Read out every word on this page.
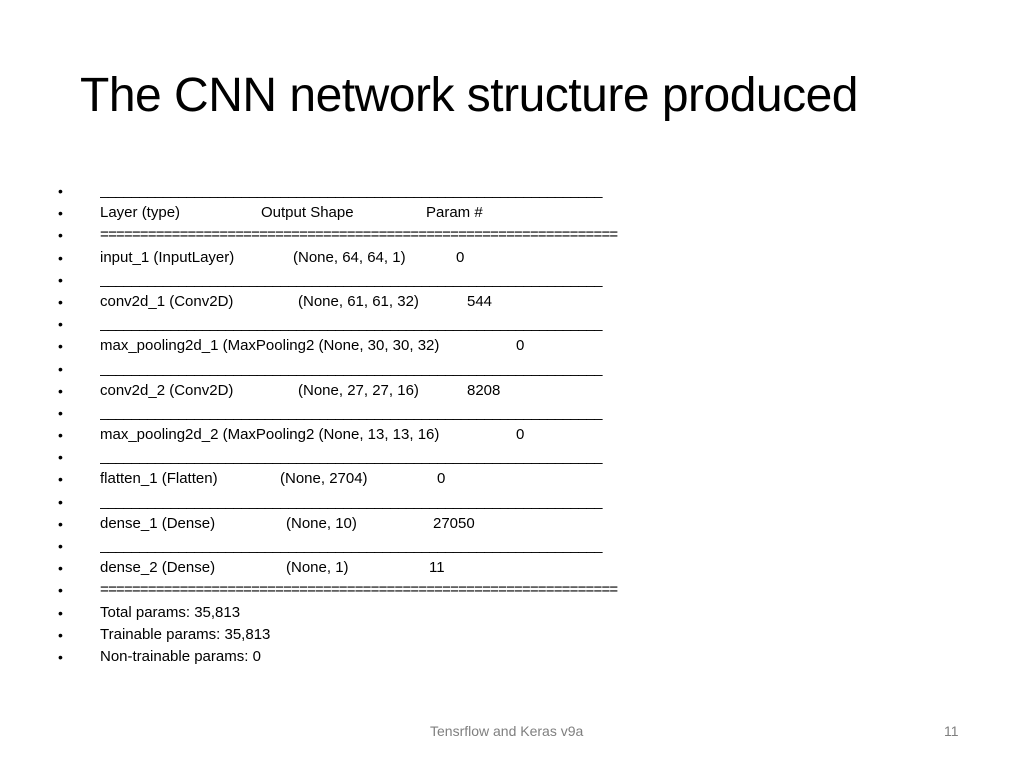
The CNN network structure produced
• ________________________________________________________________
• Layer (type)	Output Shape	Param #
• =================================================================
• input_1 (InputLayer)	(None, 64, 64, 1)	0
• ________________________________________________________________
• conv2d_1 (Conv2D)	(None, 61, 61, 32)	544
• ________________________________________________________________
• max_pooling2d_1 (MaxPooling2 (None, 30, 30, 32)	0
• ________________________________________________________________
• conv2d_2 (Conv2D)	(None, 27, 27, 16)	8208
• ________________________________________________________________
• max_pooling2d_2 (MaxPooling2 (None, 13, 13, 16)	0
• ________________________________________________________________
• flatten_1 (Flatten)	(None, 2704)	0
• ________________________________________________________________
• dense_1 (Dense)	(None, 10)	27050
• ________________________________________________________________
• dense_2 (Dense)	(None, 1)	11
• =================================================================
• Total params: 35,813
• Trainable params: 35,813
• Non-trainable params: 0
Tensrflow and Keras v9a	11
